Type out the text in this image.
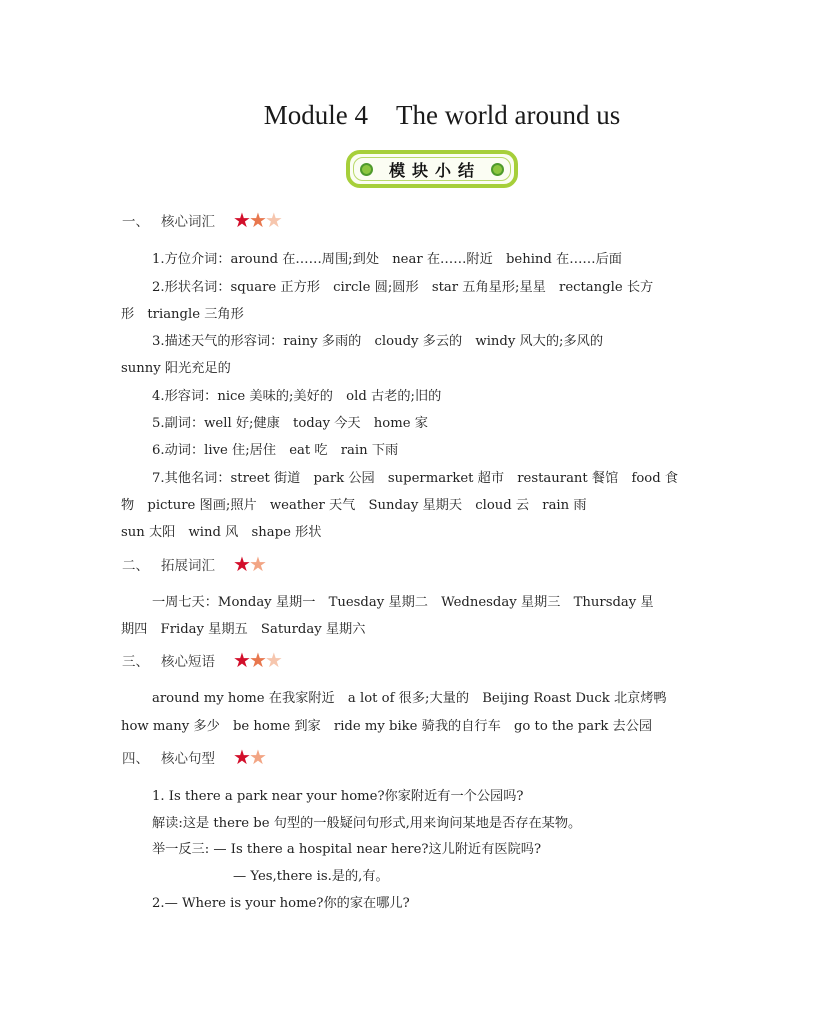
Module 4 The world around us
模块小结
一、 核心词汇 ★
★
★
1.方位介词：around 在……周围;到处　near 在……附近　behind 在……后面
2.形状名词：square 正方形　circle 圆;圆形　star 五角星形;星星　rectangle 长方
形　triangle 三角形
3.描述天气的形容词：rainy 多雨的　cloudy 多云的　windy 风大的;多风的
sunny 阳光充足的
4.形容词：nice 美味的;美好的　old 古老的;旧的
5.副词：well 好;健康　today 今天　home 家
6.动词：live 住;居住　eat 吃　rain 下雨
7.其他名词：street 街道　park 公园　supermarket 超市　restaurant 餐馆　food 食
物　picture 图画;照片　weather 天气　Sunday 星期天　cloud 云　rain 雨
sun 太阳　wind 风　shape 形状
二、 拓展词汇 ★
★
一周七天：Monday 星期一　Tuesday 星期二　Wednesday 星期三　Thursday 星
期四　Friday 星期五　Saturday 星期六
三、 核心短语 ★
★
★
around my home 在我家附近　a lot of 很多;大量的　Beijing Roast Duck 北京烤鸭
how many 多少　be home 到家　ride my bike 骑我的自行车　go to the park 去公园
四、 核心句型 ★
★
1. Is there a park near your home?你家附近有一个公园吗?
解读:这是 there be 句型的一般疑问句形式,用来询问某地是否存在某物。
举一反三: — Is there a hospital near here?这儿附近有医院吗?
— Yes,there is.是的,有。
2.— Where is your home?你的家在哪儿?
